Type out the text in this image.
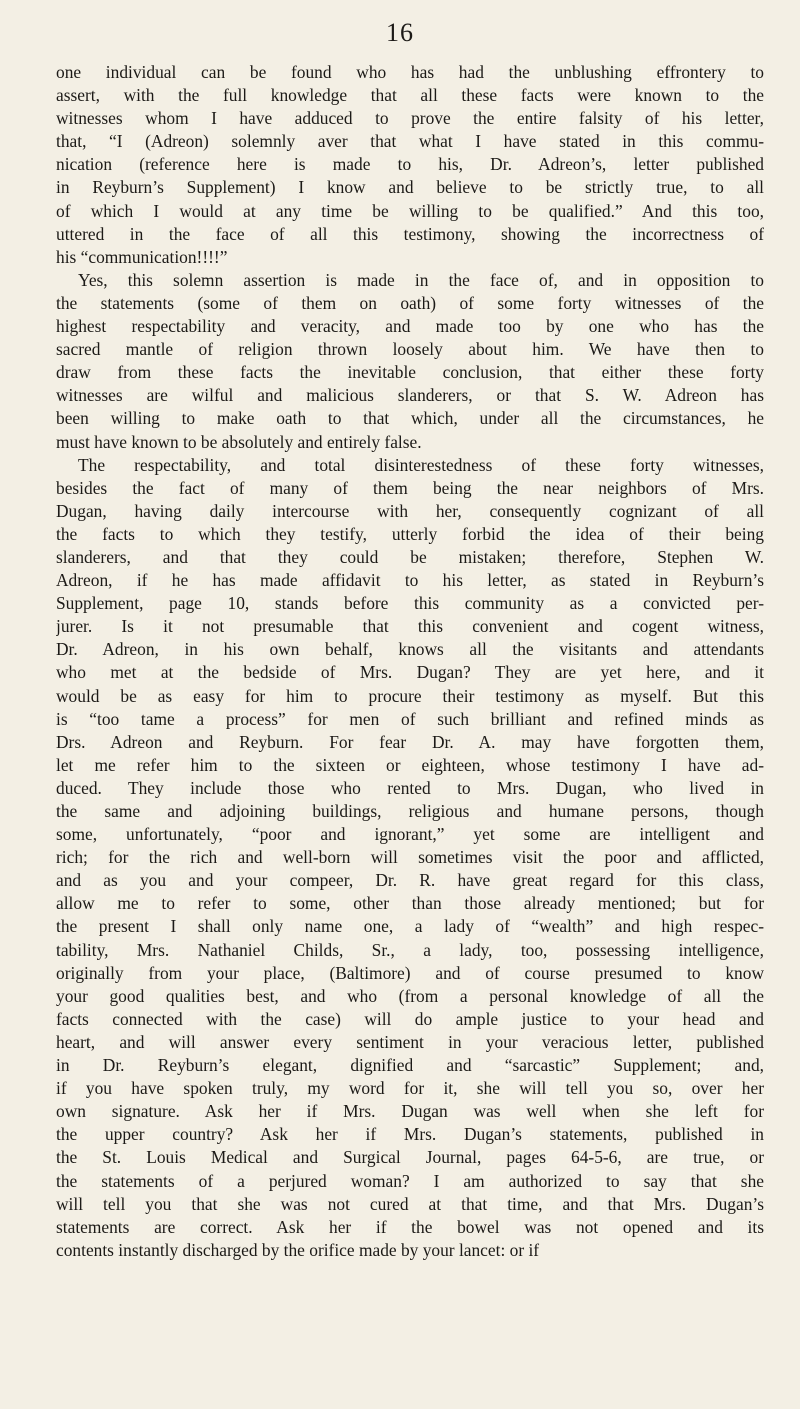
16
one individual can be found who has had the unblushing effrontery to
assert, with the full knowledge that all these facts were known to the
witnesses whom I have adduced to prove the entire falsity of his letter,
that, “I (Adreon) solemnly aver that what I have stated in this commu-
nication (reference here is made to his, Dr. Adreon’s, letter published
in Reyburn’s Supplement) I know and believe to be strictly true, to all
of which I would at any time be willing to be qualified.” And this too,
uttered in the face of all this testimony, showing the incorrectness of
his “communication!!!!”
Yes, this solemn assertion is made in the face of, and in opposition to
the statements (some of them on oath) of some forty witnesses of the
highest respectability and veracity, and made too by one who has the
sacred mantle of religion thrown loosely about him. We have then to
draw from these facts the inevitable conclusion, that either these forty
witnesses are wilful and malicious slanderers, or that S. W. Adreon has
been willing to make oath to that which, under all the circumstances, he
must have known to be absolutely and entirely false.
The respectability, and total disinterestedness of these forty witnesses,
besides the fact of many of them being the near neighbors of Mrs.
Dugan, having daily intercourse with her, consequently cognizant of all
the facts to which they testify, utterly forbid the idea of their being
slanderers, and that they could be mistaken; therefore, Stephen W.
Adreon, if he has made affidavit to his letter, as stated in Reyburn’s
Supplement, page 10, stands before this community as a convicted per-
jurer. Is it not presumable that this convenient and cogent witness,
Dr. Adreon, in his own behalf, knows all the visitants and attendants
who met at the bedside of Mrs. Dugan? They are yet here, and it
would be as easy for him to procure their testimony as myself. But this
is “too tame a process” for men of such brilliant and refined minds as
Drs. Adreon and Reyburn. For fear Dr. A. may have forgotten them,
let me refer him to the sixteen or eighteen, whose testimony I have ad-
duced. They include those who rented to Mrs. Dugan, who lived in
the same and adjoining buildings, religious and humane persons, though
some, unfortunately, “poor and ignorant,” yet some are intelligent and
rich; for the rich and well-born will sometimes visit the poor and afflicted,
and as you and your compeer, Dr. R. have great regard for this class,
allow me to refer to some, other than those already mentioned; but for
the present I shall only name one, a lady of “wealth” and high respec-
tability, Mrs. Nathaniel Childs, Sr., a lady, too, possessing intelligence,
originally from your place, (Baltimore) and of course presumed to know
your good qualities best, and who (from a personal knowledge of all the
facts connected with the case) will do ample justice to your head and
heart, and will answer every sentiment in your veracious letter, published
in Dr. Reyburn’s elegant, dignified and “sarcastic” Supplement; and,
if you have spoken truly, my word for it, she will tell you so, over her
own signature. Ask her if Mrs. Dugan was well when she left for
the upper country? Ask her if Mrs. Dugan’s statements, published in
the St. Louis Medical and Surgical Journal, pages 64-5-6, are true, or
the statements of a perjured woman? I am authorized to say that she
will tell you that she was not cured at that time, and that Mrs. Dugan’s
statements are correct. Ask her if the bowel was not opened and its
contents instantly discharged by the orifice made by your lancet: or if
